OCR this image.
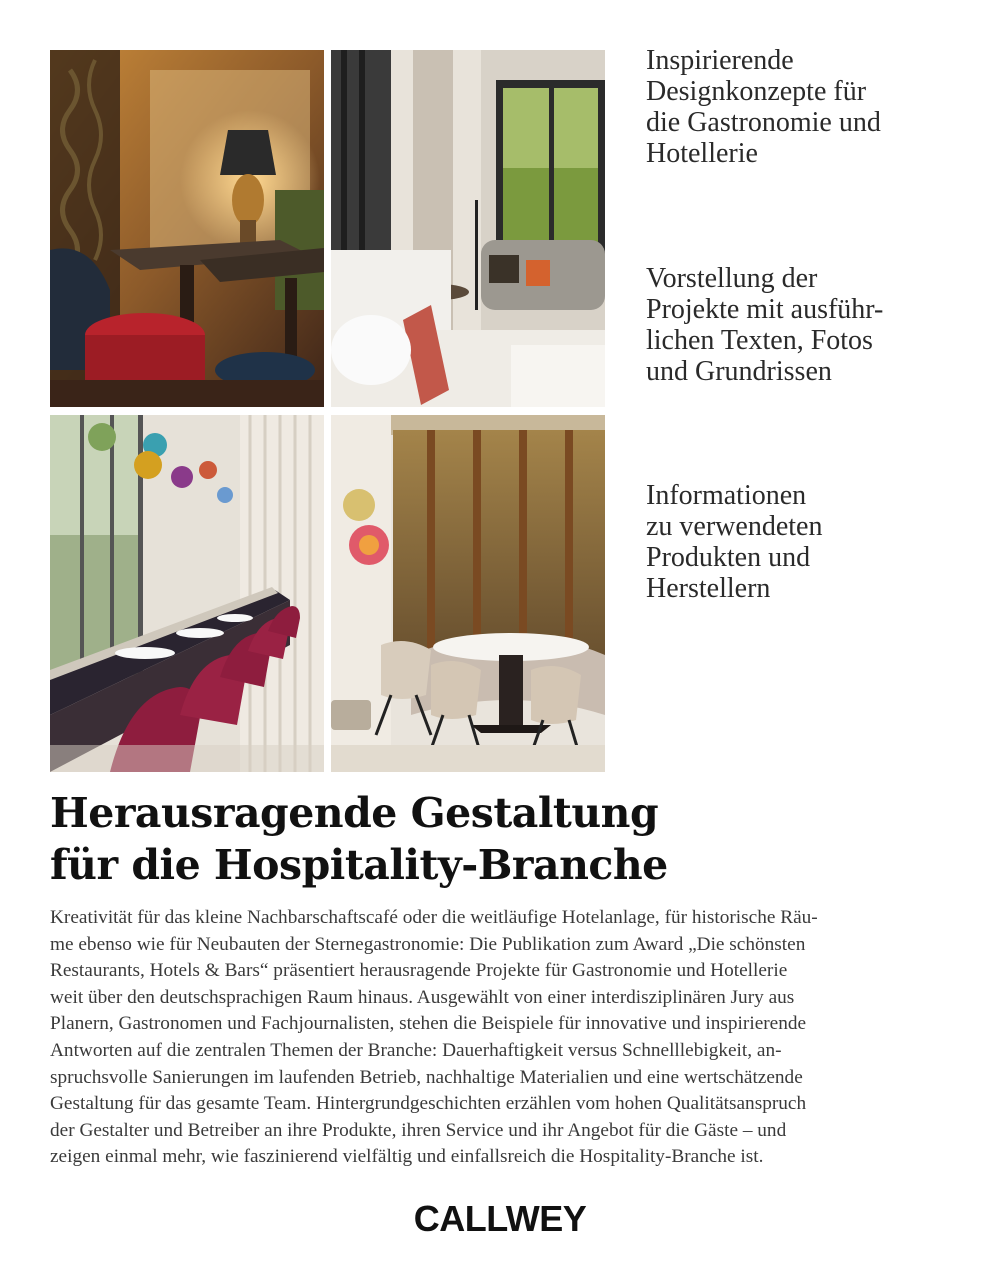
Inspirierende
Designkonzepte für
die Gastronomie und
Hotellerie

Vorstellung der
Projekte mit ausführ-
lichen Texten, Fotos
und Grundrissen

Informationen
zu verwendeten
Produkten und
Herstellern

Herausragende Gestaltung
für die Hospitality-Branche
Kreativität für das kleine Nachbarschaftscafé oder die weitläufige Hotelanlage, für historische Räu-
me ebenso wie für Neubauten der Sternegastronomie: Die Publikation zum Award „Die schönsten
Restaurants, Hotels & Bars“ präsentiert herausragende Projekte für Gastronomie und Hotellerie
weit über den deutschsprachigen Raum hinaus. Ausgewählt von einer interdisziplinären Jury aus
Planern, Gastronomen und Fachjournalisten, stehen die Beispiele für innovative und inspirierende
Antworten auf die zentralen Themen der Branche: Dauerhaftigkeit versus Schnelllebigkeit, an-
spruchsvolle Sanierungen im laufenden Betrieb, nachhaltige Materialien und eine wertschätzende
Gestaltung für das gesamte Team. Hintergrundgeschichten erzählen vom hohen Qualitätsanspruch
der Gestalter und Betreiber an ihre Produkte, ihren Service und ihr Angebot für die Gäste – und
zeigen einmal mehr, wie faszinierend vielfältig und einfallsreich die Hospitality-Branche ist.
CALLWEY
